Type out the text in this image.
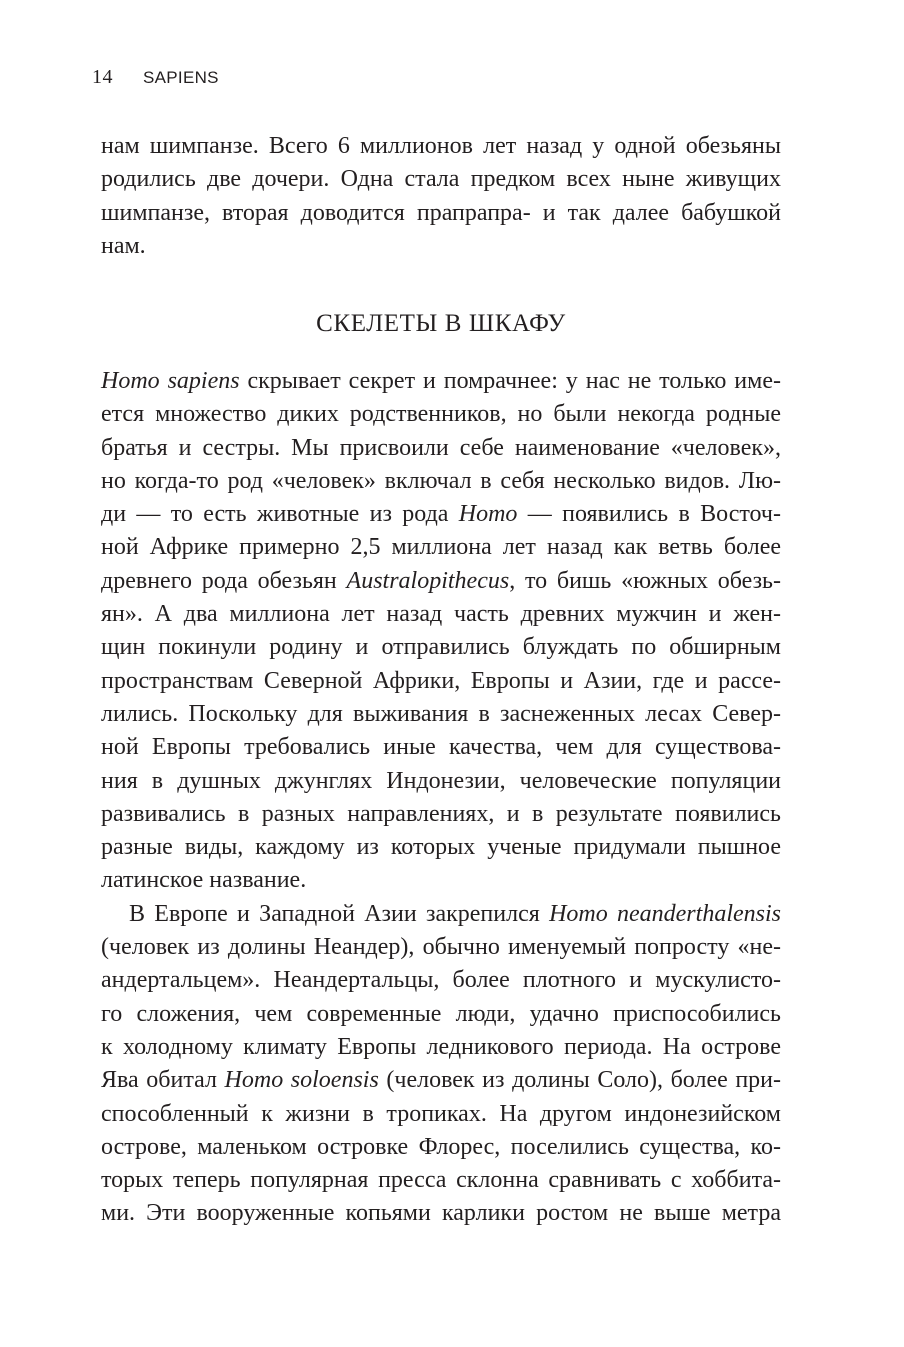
14 SAPIENS
нам шимпанзе. Всего 6 миллионов лет назад у одной обезьяны
родились две дочери. Одна стала предком всех ныне живущих
шимпанзе, вторая доводится прапрапра- и так далее бабушкой
нам.
СКЕЛЕТЫ В ШКАФУ
Homo sapiens скрывает секрет и помрачнее: у нас не только име-
ется множество диких родственников, но были некогда родные
братья и сестры. Мы присвоили себе наименование «человек»,
но когда-то род «человек» включал в себя несколько видов. Лю-
ди — то есть животные из рода Homo — появились в Восточ-
ной Африке примерно 2,5 миллиона лет назад как ветвь более
древнего рода обезьян Australopithecus, то бишь «южных обезь-
ян». А два миллиона лет назад часть древних мужчин и жен-
щин покинули родину и отправились блуждать по обширным
пространствам Северной Африки, Европы и Азии, где и рассе-
лились. Поскольку для выживания в заснеженных лесах Север-
ной Европы требовались иные качества, чем для существова-
ния в душных джунглях Индонезии, человеческие популяции
развивались в разных направлениях, и в результате появились
разные виды, каждому из которых ученые придумали пышное
латинское название.
В Европе и Западной Азии закрепился Homo neanderthalensis
(человек из долины Неандер), обычно именуемый попросту «не-
андертальцем». Неандертальцы, более плотного и мускулисто-
го сложения, чем современные люди, удачно приспособились
к холодному климату Европы ледникового периода. На острове
Ява обитал Homo soloensis (человек из долины Соло), более при-
способленный к жизни в тропиках. На другом индонезийском
острове, маленьком островке Флорес, поселились существа, ко-
торых теперь популярная пресса склонна сравнивать с хоббита-
ми. Эти вооруженные копьями карлики ростом не выше метра
